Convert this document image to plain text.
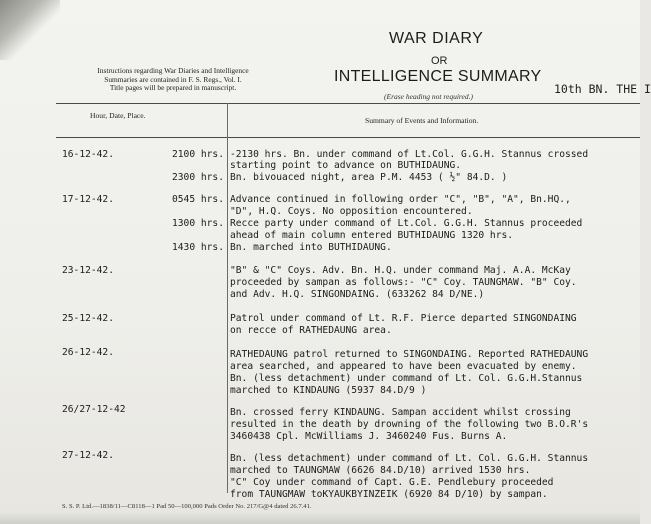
Instructions regarding War Diaries and Intelligence
Summaries are contained in F. S. Regs., Vol. I.
Title pages will be prepared in manuscript.
WAR DIARY
OR
INTELLIGENCE SUMMARY
(Erase heading not required.)
10th BN. THE I
Hour, Date, Place.
Summary of Events and Information.
16-12-42.	2100 hrs. -2130 hrs. Bn. under command of Lt.Col. G.G.H. Stannus crossed
starting point to advance on BUTHIDAUNG.
2300 hrs. Bn. bivouaced night, area P.M. 4453 ( ½" 84.D. )
17-12-42.	0545 hrs. Advance continued in following order "C", "B", "A", Bn.HQ.,
"D", H.Q. Coys. No opposition encountered.
1300 hrs. Recce party under command of Lt.Col. G.G.H. Stannus proceeded
ahead of main column entered BUTHIDAUNG 1320 hrs.
1430 hrs. Bn. marched into BUTHIDAUNG.
23-12-42.	"B" & "C" Coys. Adv. Bn. H.Q. under command Maj. A.A. McKay
proceeded by sampan as follows:- "C" Coy. TAUNGMAW. "B" Coy.
and Adv. H.Q. SINGONDAING. (633262 84 D/NE.)
25-12-42.	Patrol under command of Lt. R.F. Pierce departed SINGONDAING
on recce of RATHEDAUNG area.
26-12-42.	RATHEDAUNG patrol returned to SINGONDAING. Reported RATHEDAUNG
area searched, and appeared to have been evacuated by enemy.
Bn. (less detachment) under command of Lt. Col. G.G.H.Stannus
marched to KINDAUNG (5937 84.D/9 )
26/27-12-42	Bn. crossed ferry KINDAUNG. Sampan accident whilst crossing
resulted in the death by drowning of the following two B.O.R's
3460438 Cpl. McWilliams J. 3460240 Fus. Burns A.
27-12-42.	Bn. (less detachment) under command of Lt. Col. G.G.H. Stannus
marched to TAUNGMAW (6626 84.D/10) arrived 1530 hrs.
"C" Coy under command of Capt. G.E. Pendlebury proceeded
from TAUNGMAW toKYAUKBYINZEIK (6920 84 D/10) by sampan.
S. S. P. Ltd.—1838/11—C8118—1 Pad 50—100,000 Pads Order No. 217/G@4 dated 26.7.41.
